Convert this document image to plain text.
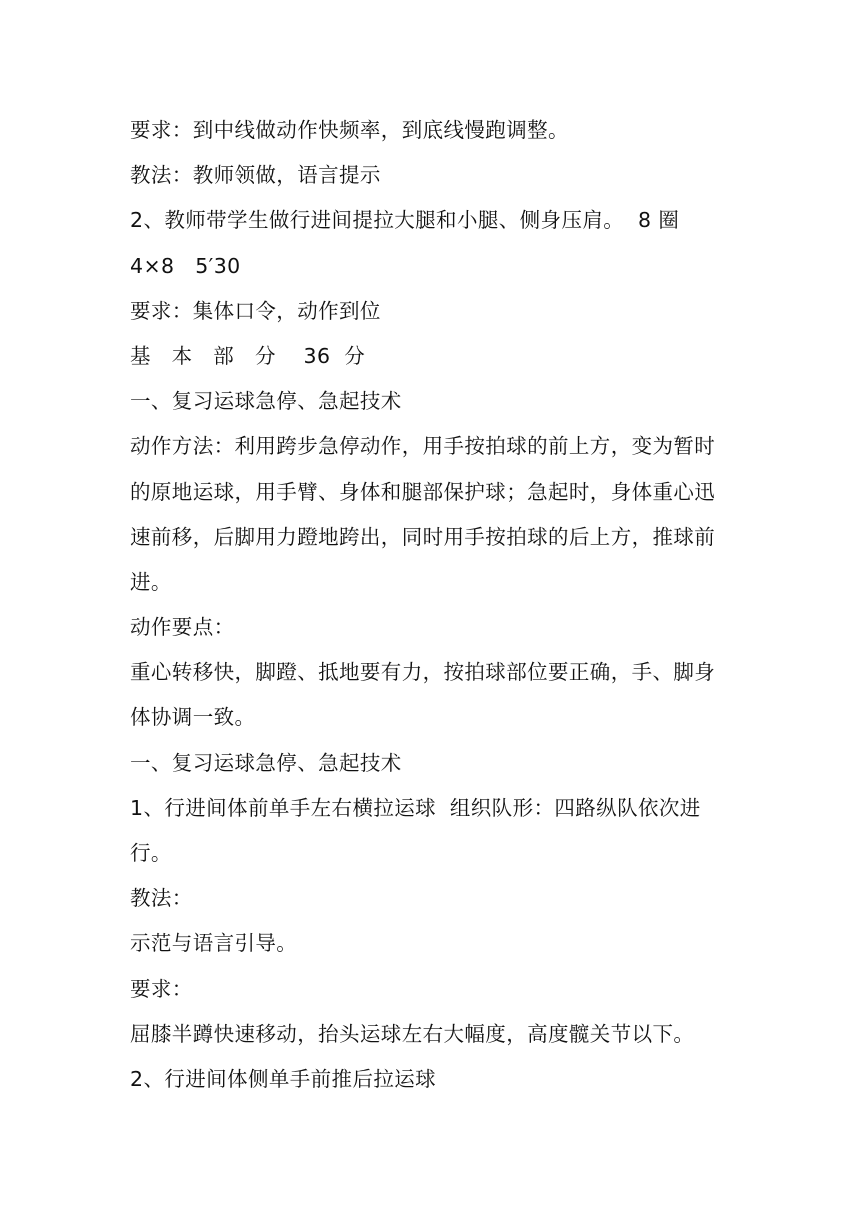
要求：到中线做动作快频率，到底线慢跑调整。
教法：教师领做，语言提示
2、教师带学生做行进间提拉大腿和小腿、侧身压肩。  8 圈
4×8   5′30
要求：集体口令，动作到位
基   本   部   分    36  分
一、复习运球急停、急起技术
动作方法：利用跨步急停动作，用手按拍球的前上方，变为暂时
的原地运球，用手臂、身体和腿部保护球；急起时，身体重心迅
速前移，后脚用力蹬地跨出，同时用手按拍球的后上方，推球前
进。
动作要点：
重心转移快，脚蹬、抵地要有力，按拍球部位要正确，手、脚身
体协调一致。
一、复习运球急停、急起技术
1、行进间体前单手左右横拉运球  组织队形：四路纵队依次进
行。
教法：
示范与语言引导。
要求：
屈膝半蹲快速移动，抬头运球左右大幅度，高度髋关节以下。
2、行进间体侧单手前推后拉运球
